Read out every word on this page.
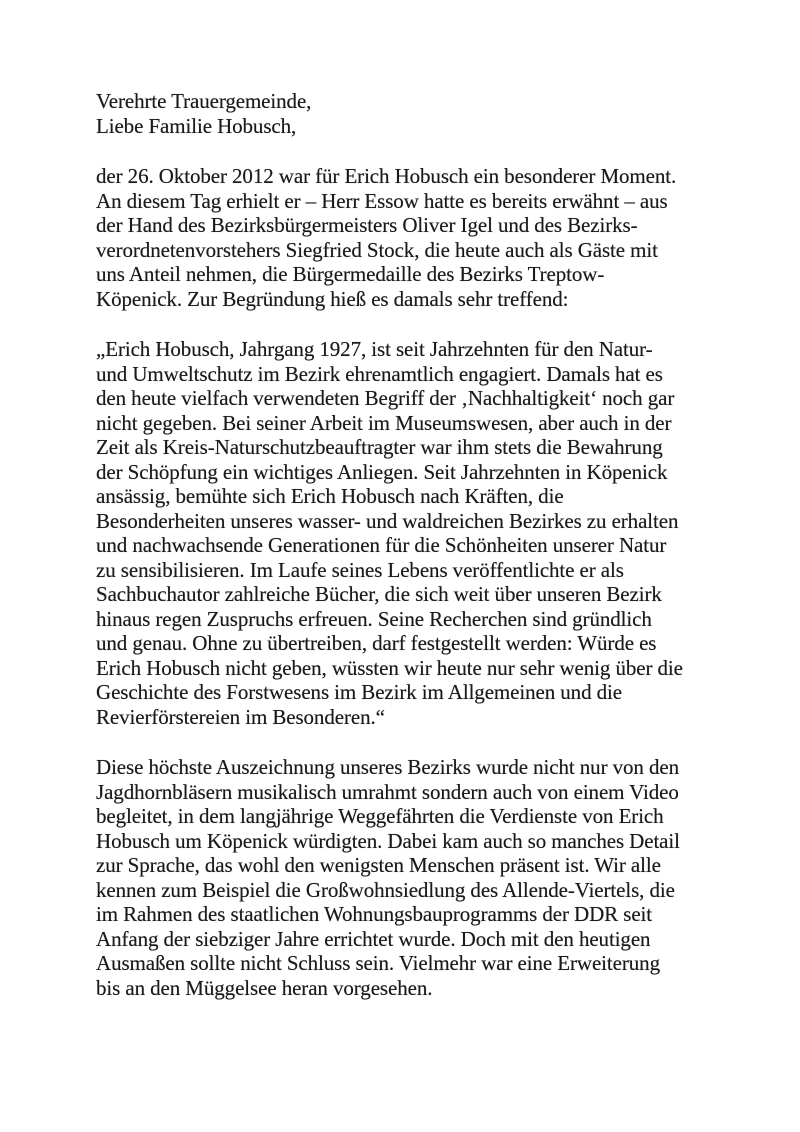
Verehrte Trauergemeinde,
Liebe Familie Hobusch,
der 26. Oktober 2012 war für Erich Hobusch ein besonderer Moment.
An diesem Tag erhielt er – Herr Essow hatte es bereits erwähnt – aus
der Hand des Bezirksbürgermeisters Oliver Igel und des Bezirks-
verordnetenvorstehers Siegfried Stock, die heute auch als Gäste mit
uns Anteil nehmen, die Bürgermedaille des Bezirks Treptow-
Köpenick. Zur Begründung hieß es damals sehr treffend:
„Erich Hobusch, Jahrgang 1927, ist seit Jahrzehnten für den Natur-
und Umweltschutz im Bezirk ehrenamtlich engagiert. Damals hat es
den heute vielfach verwendeten Begriff der ‚Nachhaltigkeit‘ noch gar
nicht gegeben. Bei seiner Arbeit im Museumswesen, aber auch in der
Zeit als Kreis-Naturschutzbeauftragter war ihm stets die Bewahrung
der Schöpfung ein wichtiges Anliegen. Seit Jahrzehnten in Köpenick
ansässig, bemühte sich Erich Hobusch nach Kräften, die
Besonderheiten unseres wasser- und waldreichen Bezirkes zu erhalten
und nachwachsende Generationen für die Schönheiten unserer Natur
zu sensibilisieren. Im Laufe seines Lebens veröffentlichte er als
Sachbuchautor zahlreiche Bücher, die sich weit über unseren Bezirk
hinaus regen Zuspruchs erfreuen. Seine Recherchen sind gründlich
und genau. Ohne zu übertreiben, darf festgestellt werden: Würde es
Erich Hobusch nicht geben, wüssten wir heute nur sehr wenig über die
Geschichte des Forstwesens im Bezirk im Allgemeinen und die
Revierförstereien im Besonderen.“
Diese höchste Auszeichnung unseres Bezirks wurde nicht nur von den
Jagdhornbläsern musikalisch umrahmt sondern auch von einem Video
begleitet, in dem langjährige Weggefährten die Verdienste von Erich
Hobusch um Köpenick würdigten. Dabei kam auch so manches Detail
zur Sprache, das wohl den wenigsten Menschen präsent ist. Wir alle
kennen zum Beispiel die Großwohnsiedlung des Allende-Viertels, die
im Rahmen des staatlichen Wohnungsbauprogramms der DDR seit
Anfang der siebziger Jahre errichtet wurde. Doch mit den heutigen
Ausmaßen sollte nicht Schluss sein. Vielmehr war eine Erweiterung
bis an den Müggelsee heran vorgesehen.
